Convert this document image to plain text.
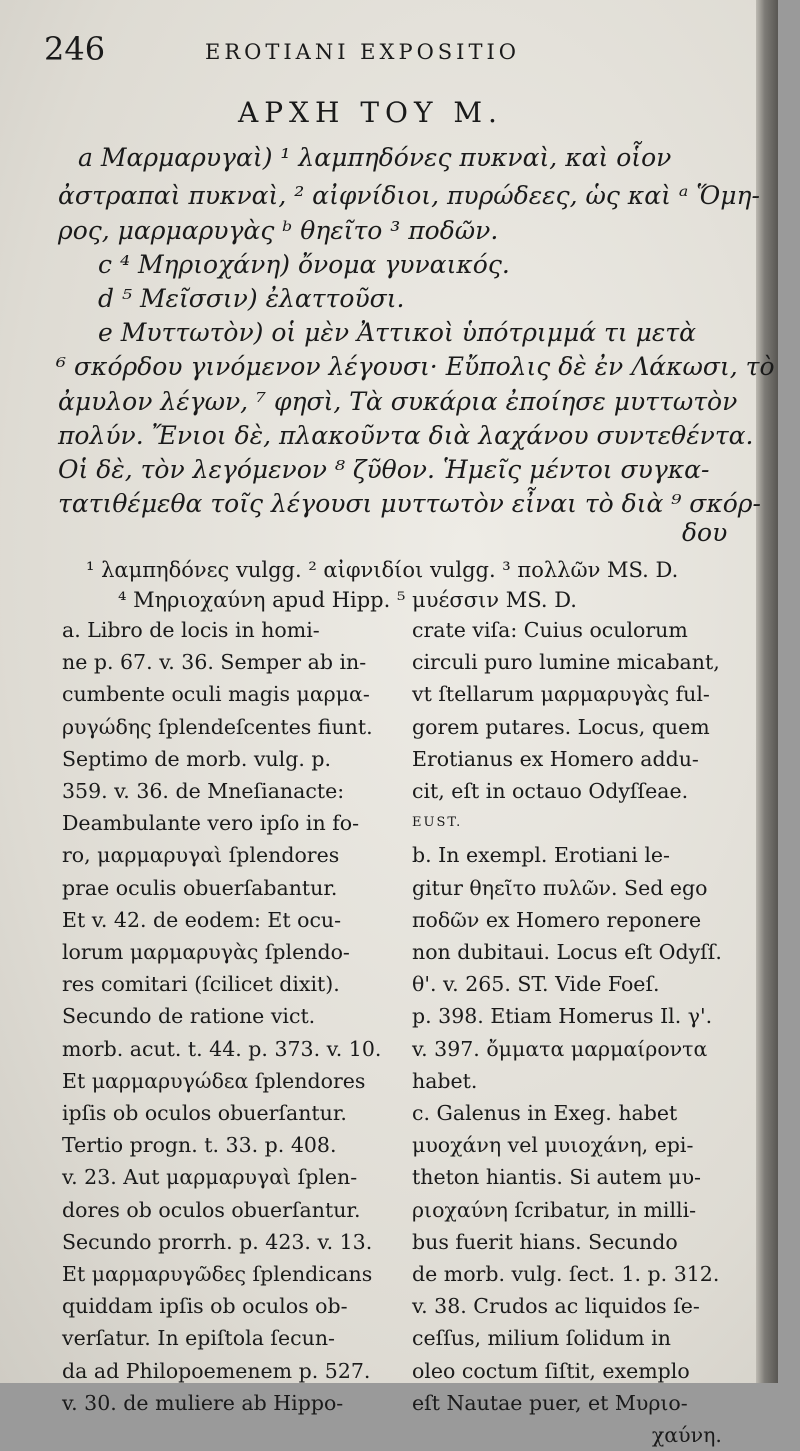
246	EROTIANI EXPOSITIO
ΑΡΧΗ ΤΟΥ Μ.
a Μαρμαρυγαὶ) ¹ λαμπηδόνες πυκναὶ, καὶ οἷον
ἀστραπαὶ πυκναὶ, ² αἰφνίδιοι, πυρώδεες, ὡς καὶ ᵃ Ὅμη-
ρος, μαρμαρυγὰς ᵇ θηεῖτο ³ ποδῶν.
c ⁴ Μηριοχάνη) ὄνομα γυναικός.
d ⁵ Μεῖσσιν) ἐλαττοῦσι.
e Μυττωτὸν) οἱ μὲν Ἀττικοὶ ὑπότριμμά τι μετὰ
⁶ σκόρδου γινόμενον λέγουσι· Εὔπολις δὲ ἐν Λάκωσι, τὸ
ἀμυλον λέγων, ⁷ φησὶ, Τὰ συκάρια ἐποίησε μυττωτὸν
πολύν. Ἔνιοι δὲ, πλακοῦντα διὰ λαχάνου συντεθέντα.
Οἱ δὲ, τὸν λεγόμενον ⁸ ζῦθον. Ἡμεῖς μέντοι συγκα-
τατιθέμεθα τοῖς λέγουσι μυττωτὸν εἶναι τὸ διὰ ⁹ σκόρ-
δου
¹ λαμπηδόνες vulgg. ² αἰφνιδίοι vulgg. ³ πολλῶν MS. D.
⁴ Μηριοχαύνη apud Hipp. ⁵ μυέσσιν MS. D.
a. Libro de locis in homi-
ne p. 67. v. 36. Semper ab in-
cumbente oculi magis μαρμα-
ρυγώδης ſplendeſcentes fiunt.
Septimo de morb. vulg. p.
359. v. 36. de Mneſianacte:
Deambulante vero ipſo in fo-
ro, μαρμαρυγαὶ ſplendores
prae oculis obuerſabantur.
Et v. 42. de eodem: Et ocu-
lorum μαρμαρυγὰς ſplendo-
res comitari (ſcilicet dixit).
Secundo de ratione vict.
morb. acut. t. 44. p. 373. v. 10.
Et μαρμαρυγώδεα ſplendores
ipſis ob oculos obuerſantur.
Tertio progn. t. 33. p. 408.
v. 23. Aut μαρμαρυγαὶ ſplen-
dores ob oculos obuerſantur.
Secundo prorrh. p. 423. v. 13.
Et μαρμαρυγῶδες ſplendicans
quiddam ipſis ob oculos ob-
verſatur. In epiſtola ſecun-
da ad Philopoemenem p. 527.
v. 30. de muliere ab Hippo-
crate viſa: Cuius oculorum
circuli puro lumine micabant,
vt ſtellarum μαρμαρυγὰς ful-
gorem putares. Locus, quem
Erotianus ex Homero addu-
cit, eſt in octauo Odyſſeae.
EUST.
b. In exempl. Erotiani le-
gitur θηεῖτο πυλῶν. Sed ego
ποδῶν ex Homero reponere
non dubitaui. Locus eſt Odyſſ.
θ'. v. 265. ST. Vide Foeſ.
p. 398. Etiam Homerus Il. γ'.
v. 397. ὄμματα μαρμαίροντα
habet.
c. Galenus in Exeg. habet
μυοχάνη vel μυιοχάνη, epi-
theton hiantis. Si autem μυ-
ριοχαύνη ſcribatur, in milli-
bus fuerit hians. Secundo
de morb. vulg. ſect. 1. p. 312.
v. 38. Crudos ac liquidos ſe-
ceſſus, milium ſolidum in
oleo coctum ſiſtit, exemplo
eſt Nautae puer, et Μυριο-
χαύνη.
